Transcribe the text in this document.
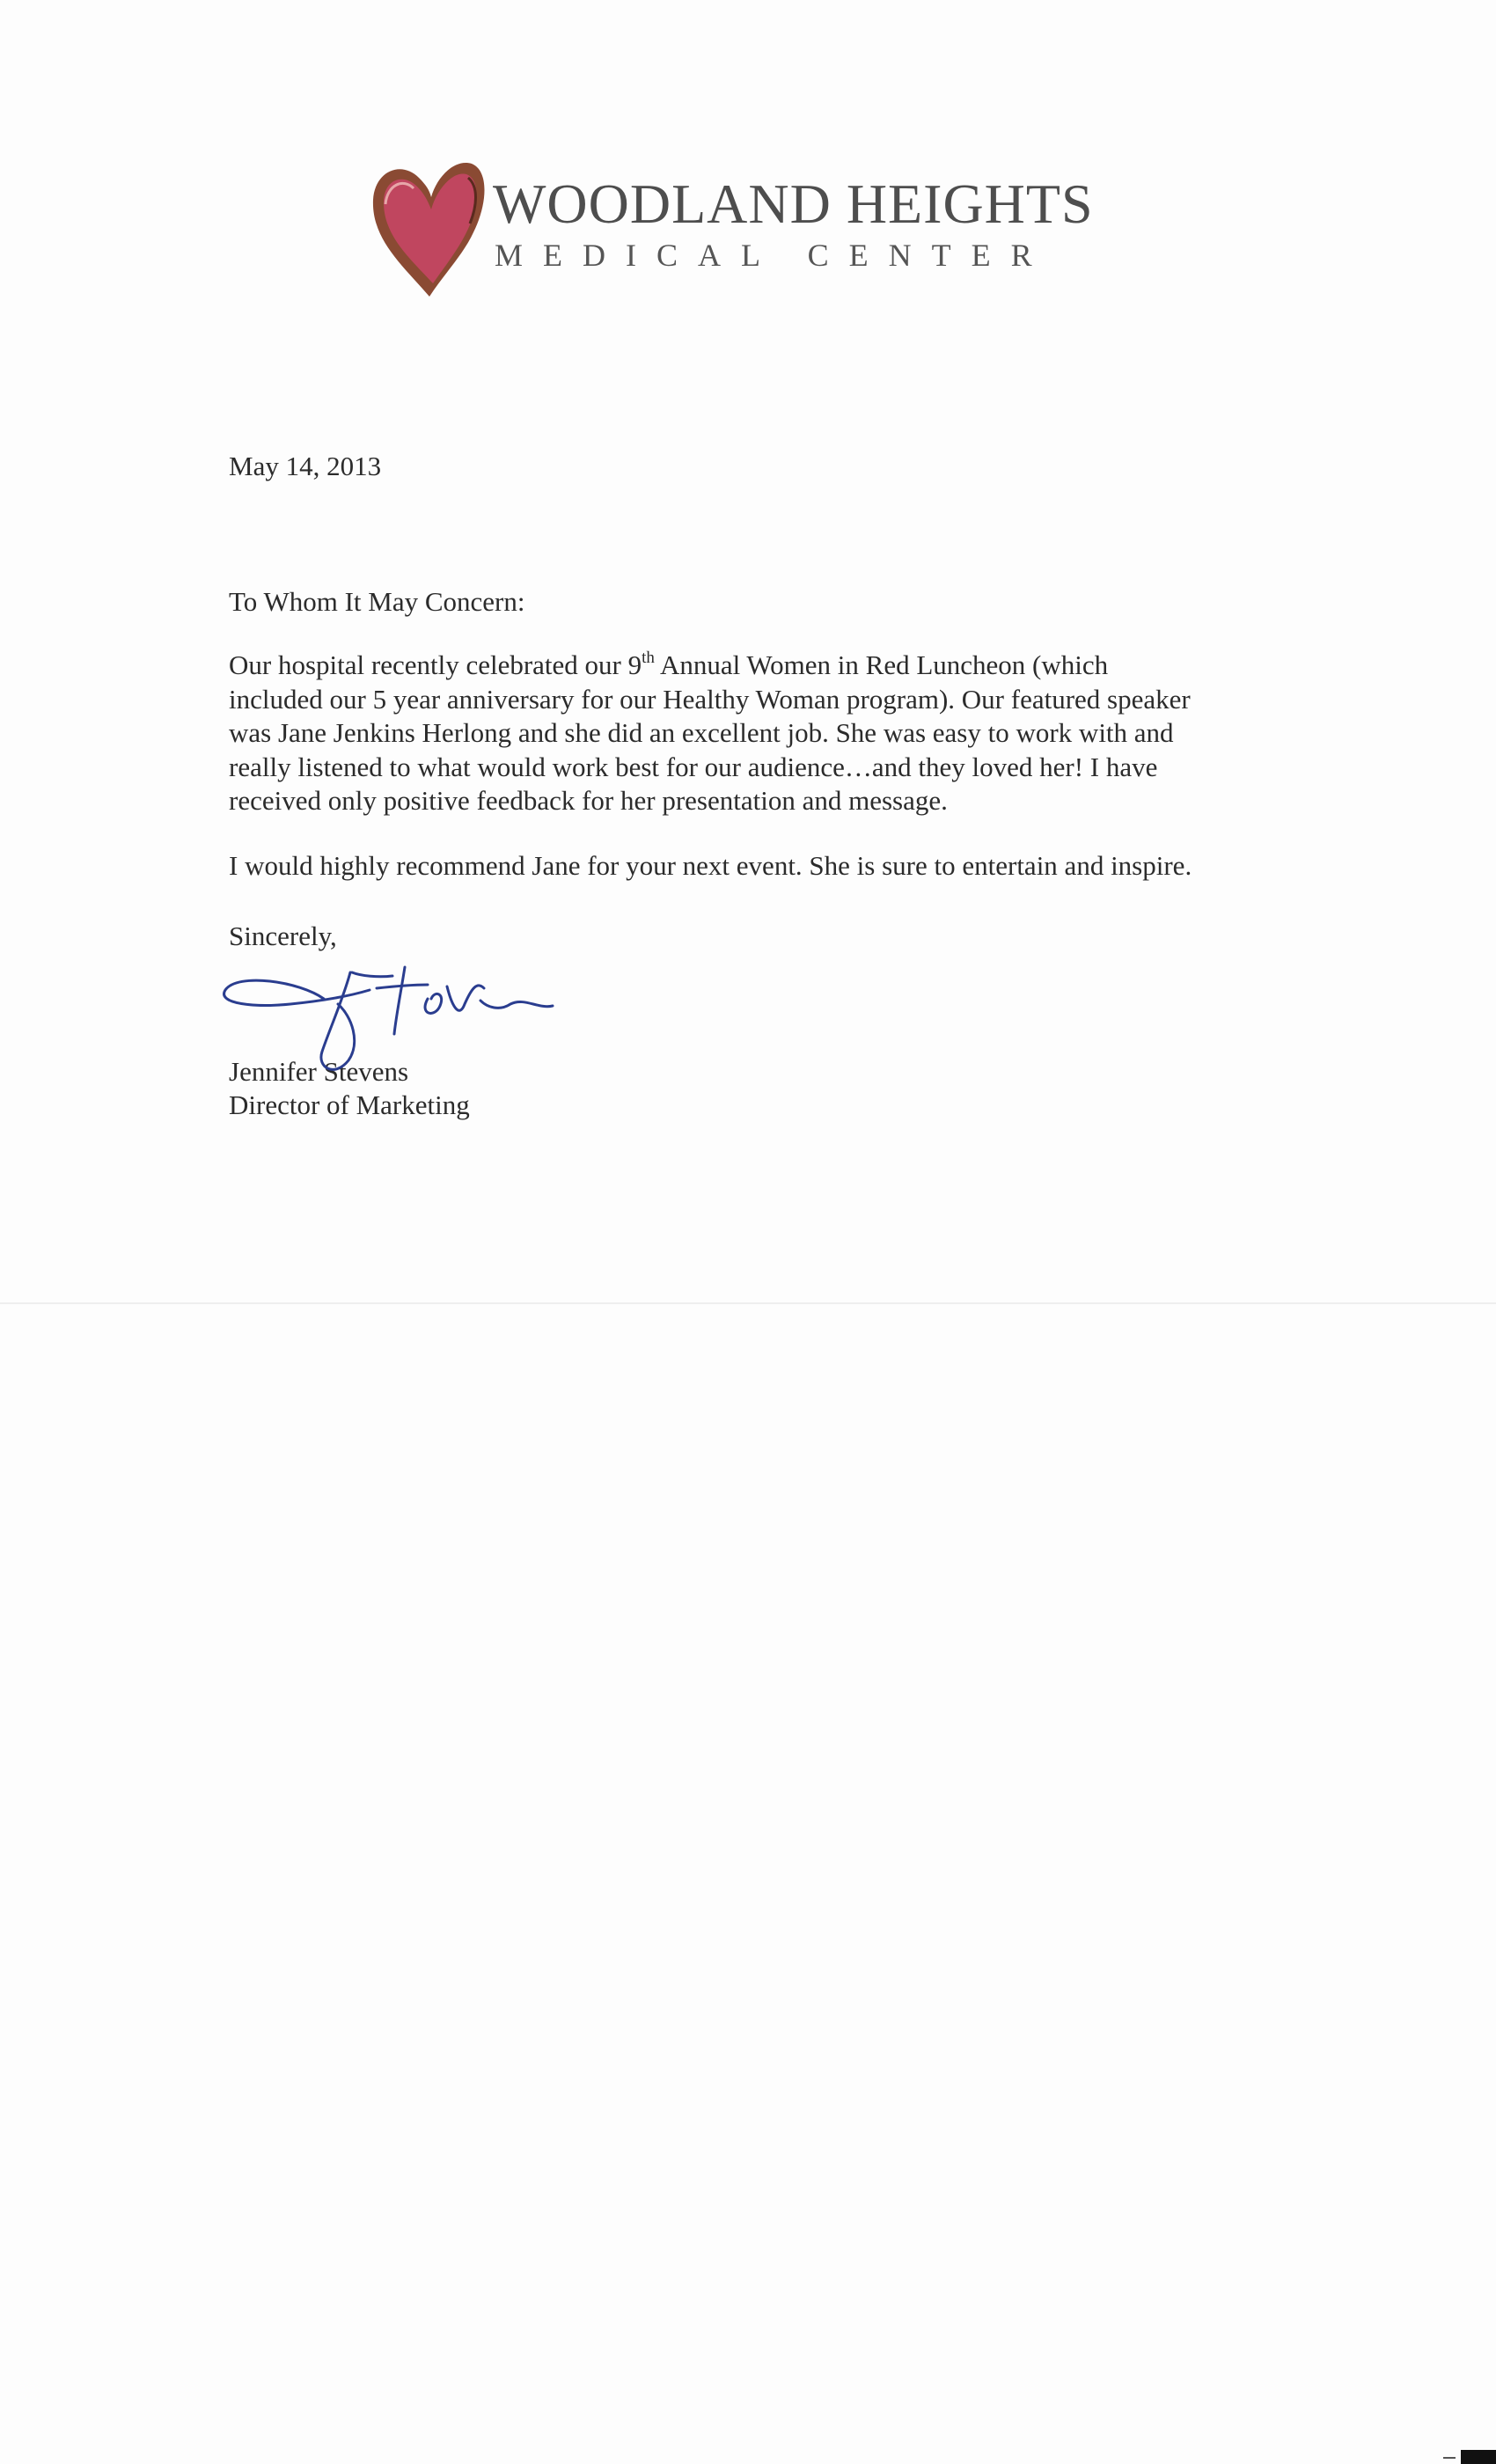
WOODLAND HEIGHTS
MEDICAL CENTER
May 14, 2013
To Whom It May Concern:
Our hospital recently celebrated our 9th Annual Women in Red Luncheon (which
included our 5 year anniversary for our Healthy Woman program). Our featured speaker
was Jane Jenkins Herlong and she did an excellent job. She was easy to work with and
really listened to what would work best for our audience…and they loved her! I have
received only positive feedback for her presentation and message.
I would highly recommend Jane for your next event. She is sure to entertain and inspire.
Sincerely,
Jennifer Stevens
Director of Marketing
